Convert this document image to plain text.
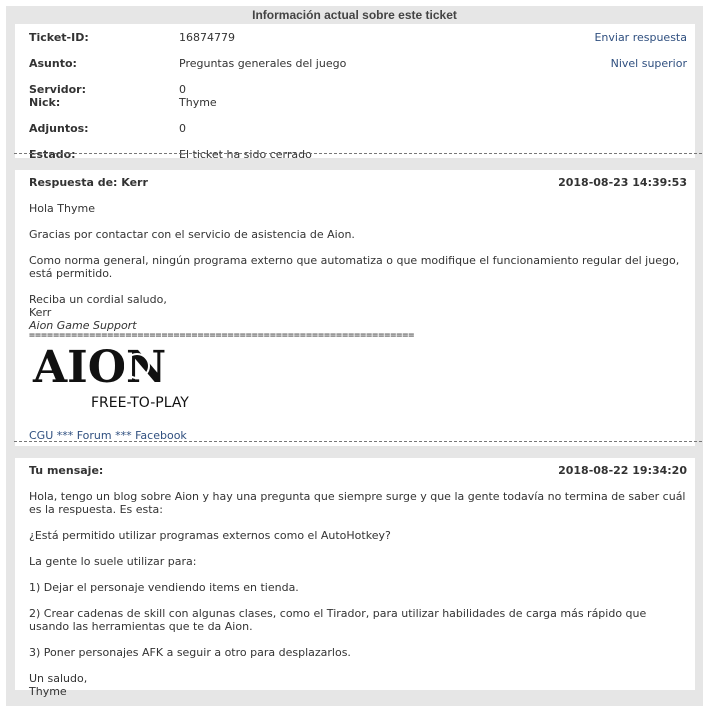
Información actual sobre este ticket
Ticket-ID:	16874779	Enviar respuesta
Asunto:	Preguntas generales del juego	Nivel superior
Servidor:	0
Nick:	Thyme
Adjuntos:	0
Estado:	El ticket ha sido cerrado
Respuesta de: Kerr	2018-08-23 14:39:53
Hola Thyme
Gracias por contactar con el servicio de asistencia de Aion.
Como norma general, ningún programa externo que automatiza o que modifique el funcionamiento regular del juego, está permitido.
Reciba un cordial saludo,
Kerr
Aion Game Support
================================================================
AION
FREE-TO-PLAY
CGU *** Forum *** Facebook
Tu mensaje:	2018-08-22 19:34:20
Hola, tengo un blog sobre Aion y hay una pregunta que siempre surge y que la gente todavía no termina de saber cuál es la respuesta. Es esta:
¿Está permitido utilizar programas externos como el AutoHotkey?
La gente lo suele utilizar para:
1) Dejar el personaje vendiendo items en tienda.
2) Crear cadenas de skill con algunas clases, como el Tirador, para utilizar habilidades de carga más rápido que usando las herramientas que te da Aion.
3) Poner personajes AFK a seguir a otro para desplazarlos.
Un saludo,
Thyme
